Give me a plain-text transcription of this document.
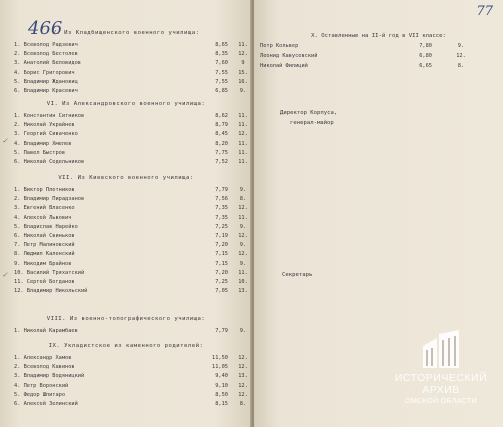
466
✓
✓
V. Из Кладбищенского военного училища:
1. Всеволод Радзевич	8,65	11.
2. Всеволод Бестолев	8,35	12.
3. Анатолий Беловидов	7,60	9
4. Борис Григорович	7,55	15.
5. Владимир Ждановиц	7,55	16.
6. Владимир Красевич	6,85	9.
VI. Из Александровского военного училища:
1. Константин Ситников	8,62	11.
2. Николай Украйнев	8,79	11.
3. Георгий Сиваченко	8,45	12.
4. Владимир Хмелев	8,20	11.
5. Павел Быстров	7,75	11.
6. Николай Седельников	7,52	11.
VII. Из Киевского военного училища:
1. Виктор Плетников	7,79	9.
2. Владимир Пирадзанов	7,56	8.
3. Евгений Власенко	7,35	12.
4. Алексей Львович	7,35	11.
5. Владислав Нарейко	7,25	9.
6. Николай Свиньков	7,19	12.
7. Петр Малиновский	7,20	9.
8. Людмил Каленский	7,15	12.
9. Никодим Брайнов	7,15	9.
10. Василий Тряхатский	7,20	11.
11. Сергей Богданов	7,25	10.
12. Владимир Никольский	7,05	13.
VIII. Из военно-топографического училища:
1. Николай Карамбаев	7,79	9.
IX. Укладистское из каменного родителей:
1. Александр Хамов	11,50	12.
2. Всеволод Кавинов	11,05	12.
3. Владимир Водяницкий	9,40	13.
4. Петр Воронский	9,10	12.
5. Федор Шпитаро	8,50	12.
6. Алексей Зелинский	8,15	8.
77
X. Оставленные на II-й год в VII классе:
Петр Кольвер	7,80	9.
Леонид Кавусевский	6,80	12.
Николай Филиций	6,65	8.
Директор Корпуса,
генерал-майор
Секретарь
ИСТОРИЧЕСКИЙ
АРХИВ
ОМСКОЙ ОБЛАСТИ
